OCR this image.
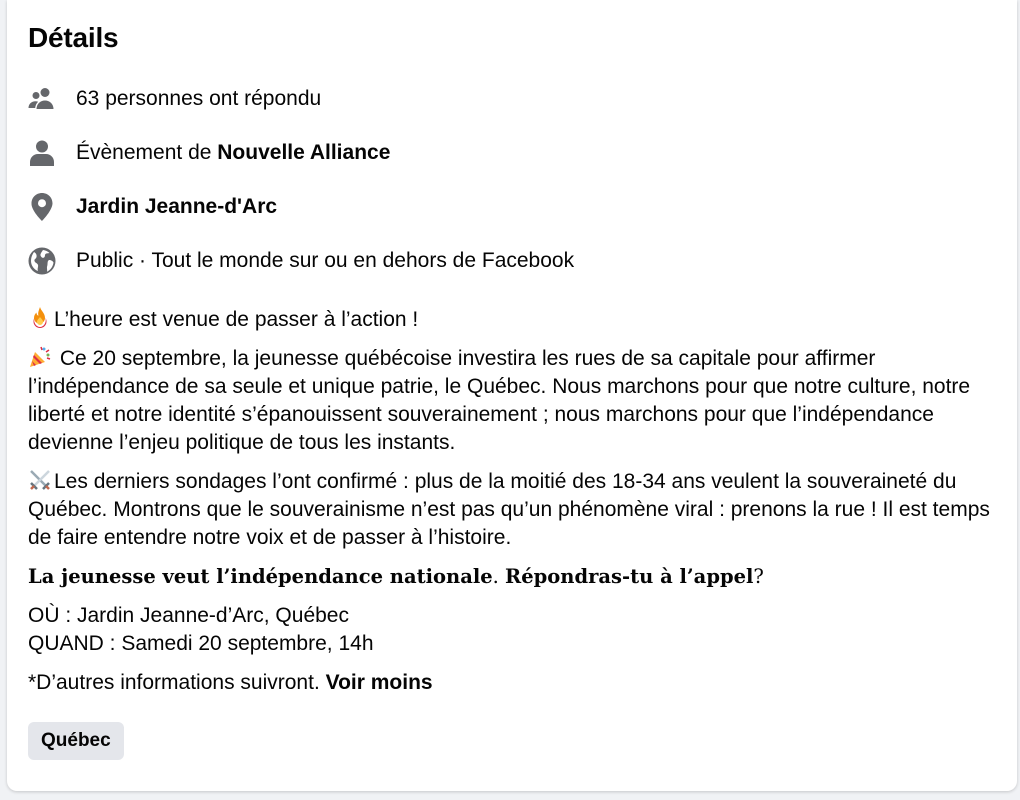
Détails
63 personnes ont répondu
Évènement de Nouvelle Alliance
Jardin Jeanne-d'Arc
Public · Tout le monde sur ou en dehors de Facebook
L’heure est venue de passer à l’action !
Ce 20 septembre, la jeunesse québécoise investira les rues de sa capitale pour affirmer l’indépendance de sa seule et unique patrie, le Québec. Nous marchons pour que notre culture, notre liberté et notre identité s’épanouissent souverainement ; nous marchons pour que l’indépendance devienne l’enjeu politique de tous les instants.
Les derniers sondages l’ont confirmé : plus de la moitié des 18-34 ans veulent la souveraineté du Québec. Montrons que le souverainisme n’est pas qu’un phénomène viral : prenons la rue ! Il est temps de faire entendre notre voix et de passer à l’histoire.
La jeunesse veut l’indépendance nationale. Répondras-tu à l’appel?
OÙ : Jardin Jeanne-d’Arc, Québec
QUAND : Samedi 20 septembre, 14h
*D’autres informations suivront. Voir moins
Québec
